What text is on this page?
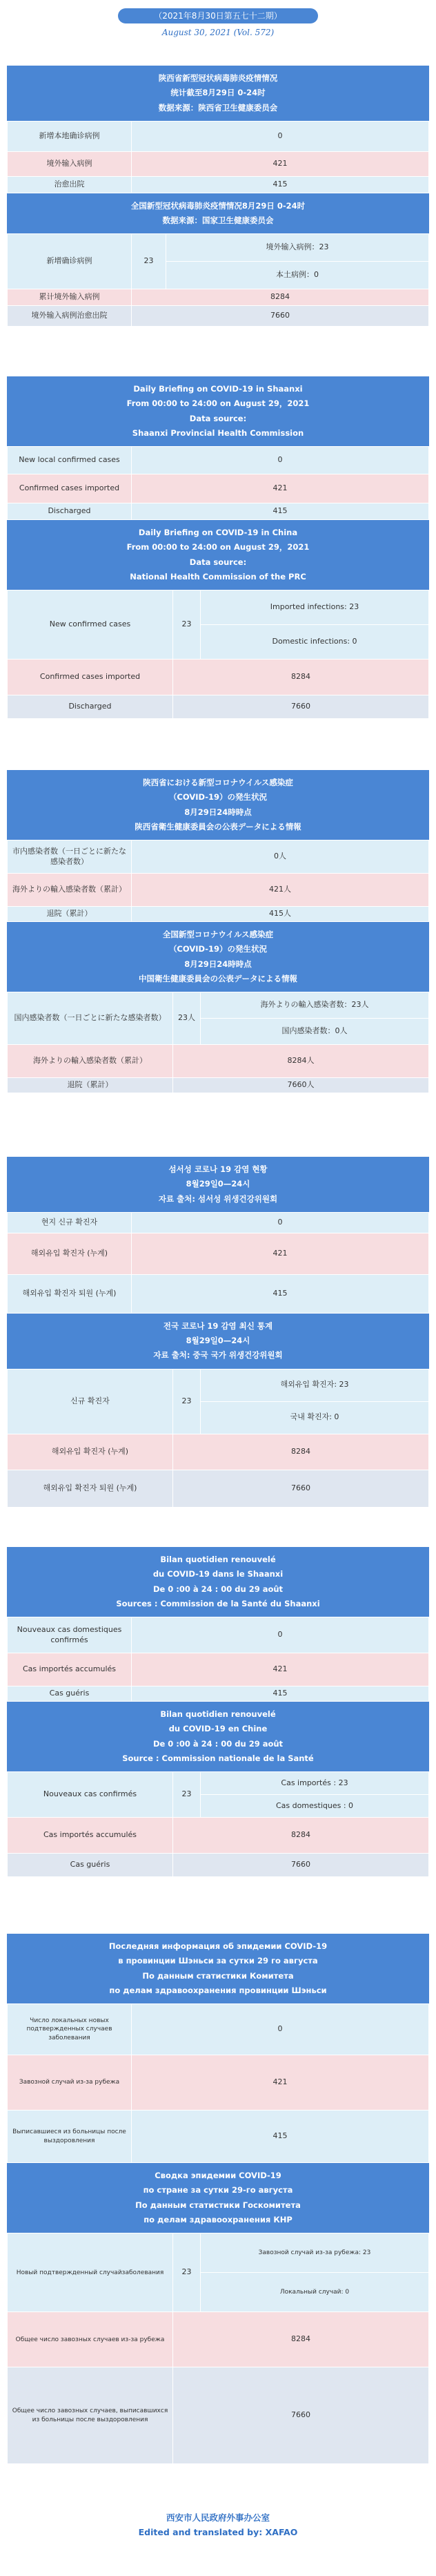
（2021年8月30日第五七十二期）
August 30, 2021 (Vol. 572)
陕西省新型冠状病毒肺炎疫情情况
统计截至8月29日 0-24时
数据来源：陕西省卫生健康委员会
新增本地确诊病例	0
境外输入病例	421
治愈出院	415
全国新型冠状病毒肺炎疫情情况8月29日 0-24时
数据来源：国家卫生健康委员会
新增确诊病例	23	境外输入病例：23
		本土病例：0
累计境外输入病例	8284	
境外输入病例治愈出院	7660	
Daily Briefing on COVID-19 in Shaanxi
From 00:00 to 24:00 on August 29，2021
Data source:
Shaanxi Provincial Health Commission
New local confirmed cases	0
Confirmed cases imported	421
Discharged	415
Daily Briefing on COVID-19 in China
From 00:00 to 24:00 on August 29，2021
Data source:
National Health Commission of the PRC
New confirmed cases	23	Imported infections: 23
		Domestic infections: 0
Confirmed cases imported	8284	
Discharged	7660	
陕西省における新型コロナウイルス感染症
（COVID-19）の発生状況
8月29日24時時点
陕西省衛生健康委員会の公表データによる情報
市内感染者数（一日ごとに新たな感染者数）	0人
海外よりの輸入感染者数（累計）	421人
退院（累計）	415人
全国新型コロナウイルス感染症
（COVID-19）の発生状況
8月29日24時時点
中国衛生健康委員会の公表データによる情報
国内感染者数（一日ごとに新たな感染者数）	23人	海外よりの輸入感染者数：23人
		国内感染者数：0人
海外よりの輸入感染者数（累計）	8284人	
退院（累計）	7660人	
섬서성 코로나 19 감염 현황
8월29일0—24시
자료 출처: 섬서성 위생건강위원회
현지 신규 확진자	0
해외유입 확진자 (누계)	421
해외유입 확진자 퇴원 (누계)	415
전국 코로나 19 감염 최신 통계
8월29일0—24시
자료 출처: 중국 국가 위생건강위원회
신규 확진자	23	해외유입 확진자: 23
		국내 확진자: 0
해외유입 확진자 (누계)	8284	
해외유입 확진자 퇴원 (누계)	7660	
Bilan quotidien renouvelé
du COVID-19 dans le Shaanxi
De 0 :00 à 24 : 00 du 29 août
Sources : Commission de la Santé du Shaanxi
Nouveaux cas domestiques confirmés	0
Cas importés accumulés	421
Cas guéris	415
Bilan quotidien renouvelé
du COVID-19 en Chine
De 0 :00 à 24 : 00 du 29 août
Source : Commission nationale de la Santé
Nouveaux cas confirmés	23	Cas importés : 23
		Cas domestiques : 0
Cas importés accumulés	8284	
Cas guéris	7660	
Последняя информация об эпидемии COVID-19
в провинции Шэньси за сутки 29 го августа
По данным статистики Комитета
по делам здравоохранения провинции Шэньси
Число локальных новых подтвержденных случаев заболевания	0
Завозной случай из-за рубежа	421
Выписавшиеся из больницы после выздоровления	415
Сводка эпидемии COVID-19
по стране за сутки 29-го августа
По данным статистики Госкомитета
по делам здравоохранения КНР
Новый подтвержденный случайзаболевания	23	Завозной случай из-за рубежа: 23
		Локальный случай: 0
Общее число завозных случаев из-за рубежа	8284	
Общее число завозных случаев, выписавшихся из больницы после выздоровления	7660	
西安市人民政府外事办公室
Edited and translated by: XAFAO
